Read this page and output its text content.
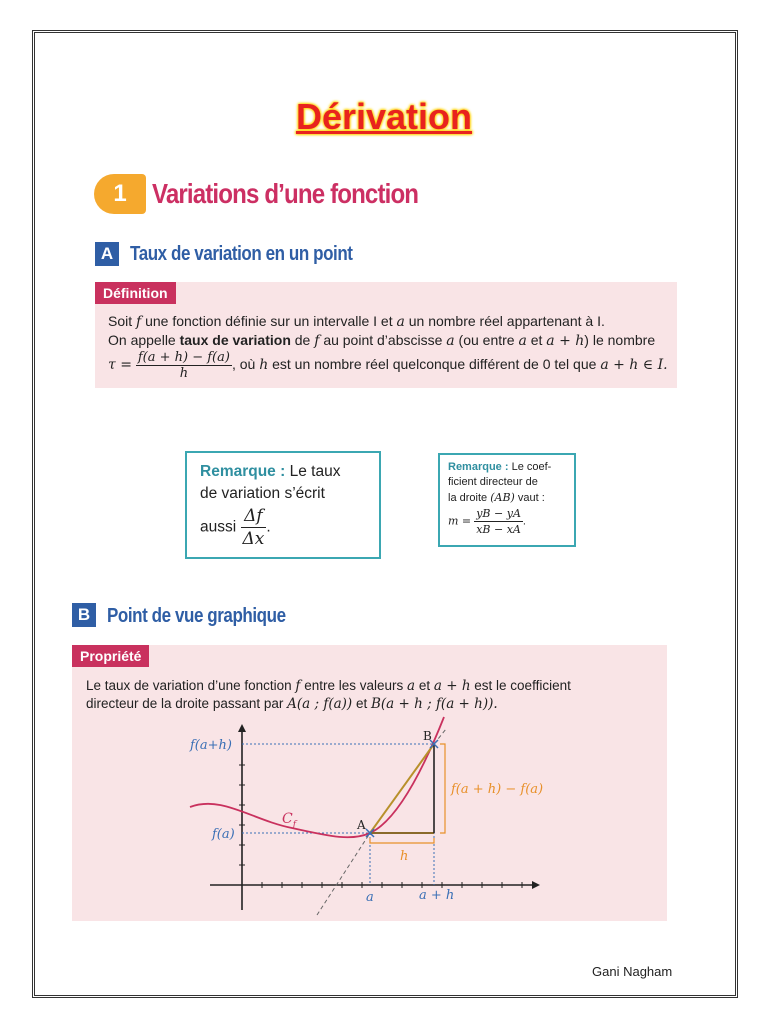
Dérivation
1 Variations d’une fonction
A Taux de variation en un point
Définition
Soit f une fonction définie sur un intervalle I et a un nombre réel appartenant à I.
On appelle taux de variation de f au point d’abscisse a (ou entre a et a + h) le nombre
$\tau = \frac{f(a + h) - f(a)}{h}$ , où h est un nombre réel quelconque différent de 0 tel que a + h ∈ I.
Remarque : Le taux
de variation s’écrit
aussi $\frac{\Delta f}{\Delta x}$ .
Remarque : Le coef-
ficient directeur de
la droite (AB) vaut :
$m = \frac{yB - yA}{xB - xA}$ .
B Point de vue graphique
Propriété
Le taux de variation d’une fonction f entre les valeurs a et a + h est le coefficient
directeur de la droite passant par A(a ; f(a)) et B(a + h ; f(a + h)).
f(a+h)
f(a)
a	a + h
A
B
$C_f$
h
f(a + h) − f(a)
Gani Nagham
